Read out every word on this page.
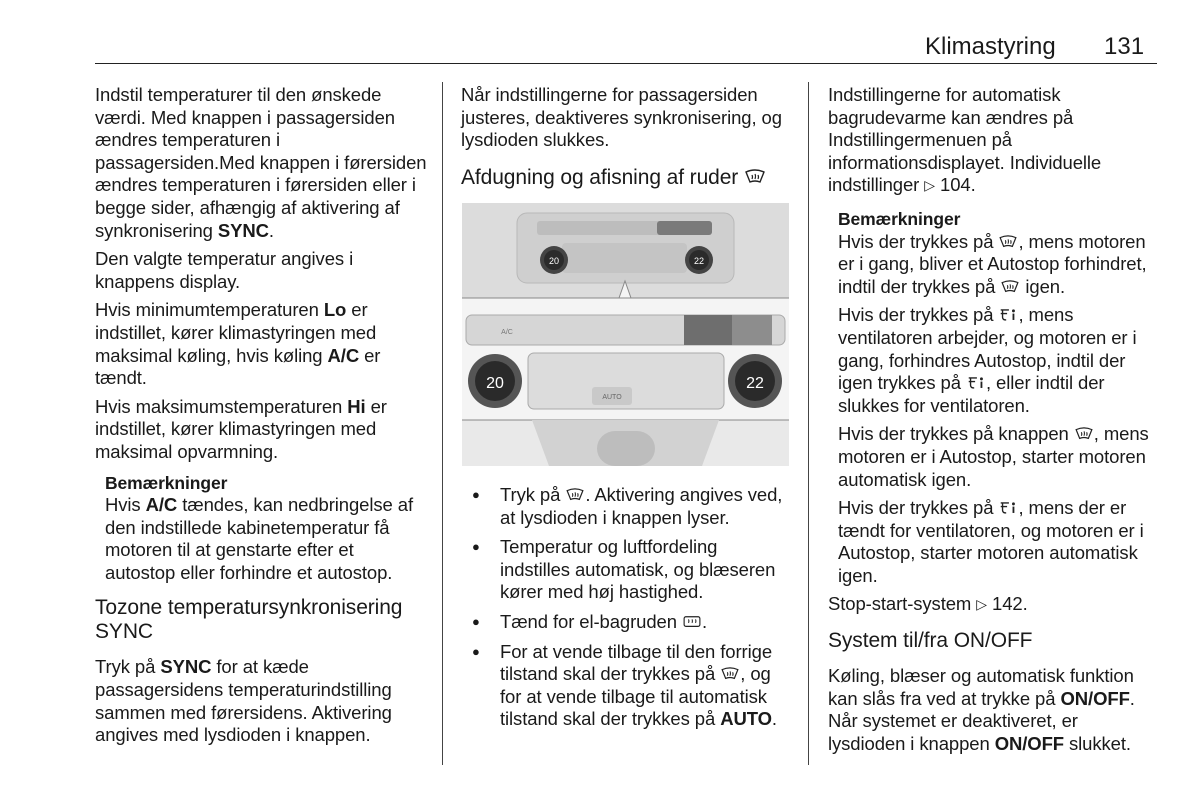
Klimastyring 131

Indstil temperaturer til den ønskede værdi. Med knappen i passagersiden ændres temperaturen i passagersiden.Med knappen i førersiden ændres temperaturen i førersiden eller i begge sider, afhængig af aktivering af synkronisering SYNC.

Den valgte temperatur angives i knappens display.

Hvis minimumtemperaturen Lo er indstillet, kører klimastyringen med maksimal køling, hvis køling A/C er tændt.

Hvis maksimumstemperaturen Hi er indstillet, kører klimastyringen med maksimal opvarmning.

Bemærkninger

Hvis A/C tændes, kan nedbringelse af den indstillede kabinetemperatur få motoren til at genstarte efter et autostop eller forhindre et autostop.

Tozone temperatursynkronisering SYNC

Tryk på SYNC for at kæde passagersidens temperaturindstilling sammen med førersidens. Aktivering angives med lysdioden i knappen.

Når indstillingerne for passagersiden justeres, deaktiveres synkronisering, og lysdioden slukkes.

Afdugning og afisning af ruder
20	22
A/C
AUTO
20	22
● Tryk på . Aktivering angives ved, at lysdioden i knappen lyser.
● Temperatur og luftfordeling indstilles automatisk, og blæseren kører med høj hastighed.
● Tænd for el-bagruden .
● For at vende tilbage til den forrige tilstand skal der trykkes på , og for at vende tilbage til automatisk tilstand skal der trykkes på AUTO.

Indstillingerne for automatisk bagrudevarme kan ændres på Indstillingermenuen på informationsdisplayet. Individuelle indstillinger ▷ 104.

Bemærkninger

Hvis der trykkes på , mens motoren er i gang, bliver et Autostop forhindret, indtil der trykkes på  igen.

Hvis der trykkes på , mens ventilatoren arbejder, og motoren er i gang, forhindres Autostop, indtil der igen trykkes på , eller indtil der slukkes for ventilatoren.

Hvis der trykkes på knappen , mens motoren er i Autostop, starter motoren automatisk igen.

Hvis der trykkes på , mens der er tændt for ventilatoren, og motoren er i Autostop, starter motoren automatisk igen.

Stop-start-system ▷ 142.

System til/fra ON/OFF

Køling, blæser og automatisk funktion kan slås fra ved at trykke på ON/OFF. Når systemet er deaktiveret, er lysdioden i knappen ON/OFF slukket.
